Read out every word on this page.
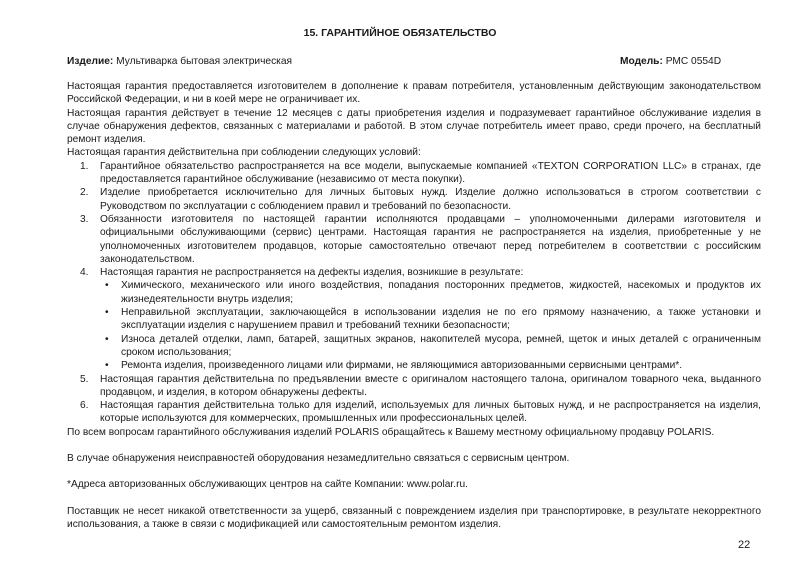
15. ГАРАНТИЙНОЕ ОБЯЗАТЕЛЬСТВО
Изделие: Мультиварка бытовая электрическая	Модель: РМС 0554D

Настоящая гарантия предоставляется изготовителем в дополнение к правам потребителя, установленным действующим законодательством Российской Федерации, и ни в коей мере не ограничивает их.

Настоящая гарантия действует в течение 12 месяцев с даты приобретения изделия и подразумевает гарантийное обслуживание изделия в случае обнаружения дефектов, связанных с материалами и работой. В этом случае потребитель имеет право, среди прочего, на бесплатный ремонт изделия.

Настоящая гарантия действительна при соблюдении следующих условий:

1. Гарантийное обязательство распространяется на все модели, выпускаемые компанией «TEXTON CORPORATION LLC» в странах, где предоставляется гарантийное обслуживание (независимо от места покупки).
2. Изделие приобретается исключительно для личных бытовых нужд. Изделие должно использоваться в строгом соответствии с Руководством по эксплуатации с соблюдением правил и требований по безопасности.
3. Обязанности изготовителя по настоящей гарантии исполняются продавцами – уполномоченными дилерами изготовителя и официальными обслуживающими (сервис) центрами. Настоящая гарантия не распространяется на изделия, приобретенные у не уполномоченных изготовителем продавцов, которые самостоятельно отвечают перед потребителем в соответствии с российским законодательством.
4. Настоящая гарантия не распространяется на дефекты изделия, возникшие в результате:
• Химического, механического или иного воздействия, попадания посторонних предметов, жидкостей, насекомых и продуктов их жизнедеятельности внутрь изделия;
• Неправильной эксплуатации, заключающейся в использовании изделия не по его прямому назначению, а также установки и эксплуатации изделия с нарушением правил и требований техники безопасности;
• Износа деталей отделки, ламп, батарей, защитных экранов, накопителей мусора, ремней, щеток и иных деталей с ограниченным сроком использования;
• Ремонта изделия, произведенного лицами или фирмами, не являющимися авторизованными сервисными центрами*.
5. Настоящая гарантия действительна по предъявлении вместе с оригиналом настоящего талона, оригиналом товарного чека, выданного продавцом, и изделия, в котором обнаружены дефекты.
6. Настоящая гарантия действительна только для изделий, используемых для личных бытовых нужд, и не распространяется на изделия, которые используются для коммерческих, промышленных или профессиональных целей.

По всем вопросам гарантийного обслуживания изделий POLARIS обращайтесь к Вашему местному официальному продавцу POLARIS.

В случае обнаружения неисправностей оборудования незамедлительно связаться с сервисным центром.

*Адреса авторизованных обслуживающих центров на сайте Компании: www.polar.ru.

Поставщик не несет никакой ответственности за ущерб, связанный с повреждением изделия при транспортировке, в результате некорректного использования, а также в связи с модификацией или самостоятельным ремонтом изделия.

22
